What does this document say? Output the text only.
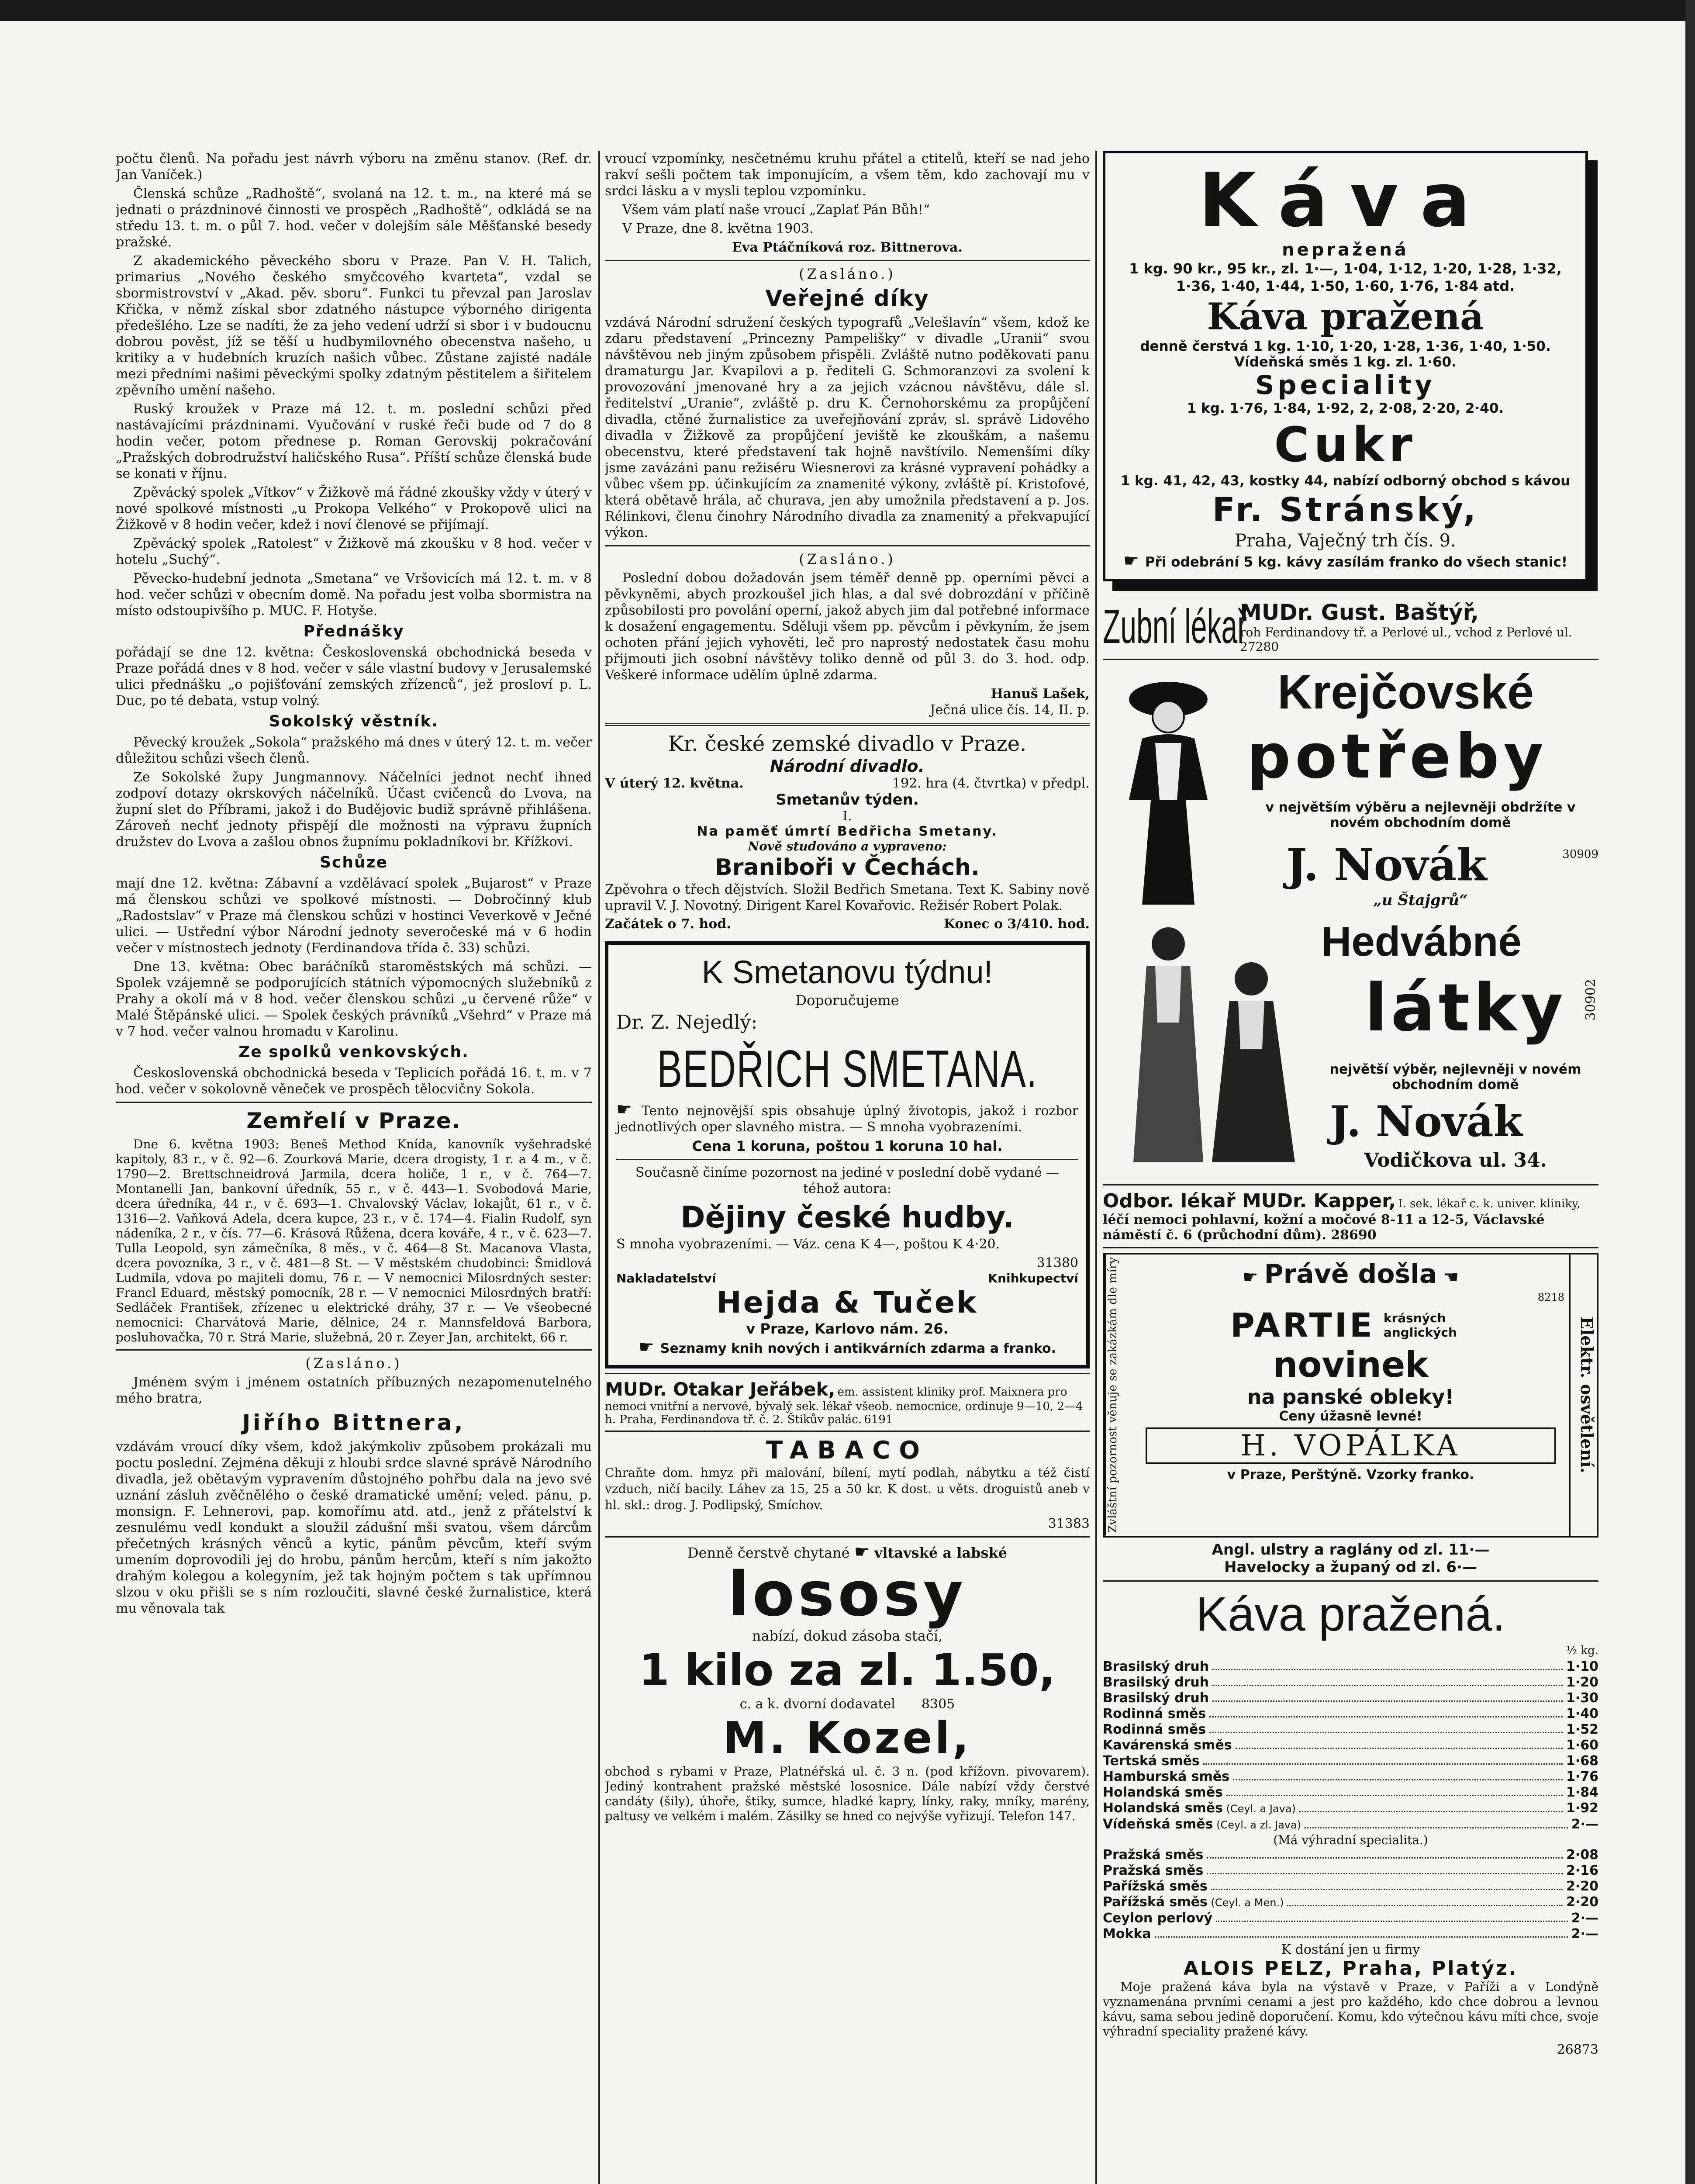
počtu členů. Na pořadu jest návrh výboru na změnu stanov. (Ref. dr. Jan Vaníček.)

Členská schůze „Radhoště“, svolaná na 12. t. m., na které má se jednati o prázdninové činnosti ve prospěch „Radhoště“, odkládá se na středu 13. t. m. o půl 7. hod. večer v dolejším sále Měšťanské besedy pražské.

Z akademického pěveckého sboru v Praze. Pan V. H. Talich, primarius „Nového českého smyčcového kvarteta“, vzdal se sbormistrovství v „Akad. pěv. sboru“. Funkci tu převzal pan Jaroslav Křička, v němž získal sbor zdatného nástupce výborného dirigenta předešlého. Lze se nadíti, že za jeho vedení udrží si sbor i v budoucnu dobrou pověst, jíž se těší u hudbymilovného obecenstva našeho, u kritiky a v hudebních kruzích našich vůbec. Zůstane zajisté nadále mezi předními našimi pěveckými spolky zdatným pěstitelem a šiřitelem zpěvního umění našeho.

Ruský kroužek v Praze má 12. t. m. poslední schůzi před nastávajícími prázdninami. Vyučování v ruské řeči bude od 7 do 8 hodin večer, potom přednese p. Roman Gerovskij pokračování „Pražských dobrodružství haličského Rusa“. Příští schůze členská bude se konati v říjnu.

Zpěvácký spolek „Vítkov“ v Žižkově má řádné zkoušky vždy v úterý v nové spolkové místnosti „u Prokopa Velkého“ v Prokopově ulici na Žižkově v 8 hodin večer, kdež i noví členové se přijímají.

Zpěvácký spolek „Ratolest“ v Žižkově má zkoušku v 8 hod. večer v hotelu „Suchý“.

Pěvecko-hudební jednota „Smetana“ ve Vršovicích má 12. t. m. v 8 hod. večer schůzi v obecním domě. Na pořadu jest volba sbormistra na místo odstoupivšího p. MUC. F. Hotyše.

Přednášky

pořádají se dne 12. května: Československá obchodnická beseda v Praze pořádá dnes v 8 hod. večer v sále vlastní budovy v Jerusalemské ulici přednášku „o pojišťování zemských zřízenců“, jež prosloví p. L. Duc, po té debata, vstup volný.

Sokolský věstník.

Pěvecký kroužek „Sokola“ pražského má dnes v úterý 12. t. m. večer důležitou schůzi všech členů.

Ze Sokolské župy Jungmannovy. Náčelníci jednot nechť ihned zodpoví dotazy okrskových náčelníků. Účast cvičenců do Lvova, na župní slet do Příbrami, jakož i do Budějovic budiž správně přihlášena. Zároveň nechť jednoty přispějí dle možnosti na výpravu župních družstev do Lvova a zašlou obnos župnímu pokladníkovi br. Křížkovi.

Schůze

mají dne 12. května: Zábavní a vzdělávací spolek „Bujarost“ v Praze má členskou schůzi ve spolkové místnosti. — Dobročinný klub „Radostslav“ v Praze má členskou schůzi v hostinci Veverkově v Ječné ulici. — Ustřední výbor Národní jednoty severočeské má v 6 hodin večer v místnostech jednoty (Ferdinandova třída č. 33) schůzi.

Dne 13. května: Obec baráčníků staroměstských má schůzi. — Spolek vzájemně se podporujících státních výpomocných služebníků z Prahy a okolí má v 8 hod. večer členskou schůzi „u červené růže“ v Malé Štěpánské ulici. — Spolek českých právníků „Všehrd“ v Praze má v 7 hod. večer valnou hromadu v Karolinu.

Ze spolků venkovských.

Československá obchodnická beseda v Teplicích pořádá 16. t. m. v 7 hod. večer v sokolovně věneček ve prospěch tělocvičny Sokola.

Zemřelí v Praze.

Dne 6. května 1903: Beneš Method Knída, kanovník vyšehradské kapitoly, 83 r., v č. 92—6. Zourková Marie, dcera drogisty, 1 r. a 4 m., v č. 1790—2. Brettschneidrová Jarmila, dcera holiče, 1 r., v č. 764—7. Montanelli Jan, bankovní úředník, 55 r., v č. 443—1. Svobodová Marie, dcera úředníka, 44 r., v č. 693—1. Chvalovský Václav, lokajůt, 61 r., v č. 1316—2. Vaňková Adela, dcera kupce, 23 r., v č. 174—4. Fialin Rudolf, syn nádeníka, 2 r., v čís. 77—6. Krásová Růžena, dcera kováře, 4 r., v č. 623—7. Tulla Leopold, syn zámečníka, 8 měs., v č. 464—8 St. Macanova Vlasta, dcera povozníka, 3 r., v č. 481—8 St. — V městském chudobinci: Šmidlová Ludmila, vdova po majiteli domu, 76 r. — V nemocnici Milosrdných sester: Francl Eduard, městský pomocník, 28 r. — V nemocnici Milosrdných bratří: Sedláček František, zřízenec u elektrické dráhy, 37 r. — Ve všeobecné nemocnici: Charvátová Marie, dělnice, 24 r. Mannsfeldová Barbora, posluhovačka, 70 r. Strá Marie, služebná, 20 r. Zeyer Jan, architekt, 66 r.

(Zasláno.)

Jménem svým i jménem ostatních příbuzných nezapomenutelného mého bratra,

Jiřího Bittnera,

vzdávám vroucí díky všem, kdož jakýmkoliv způsobem prokázali mu poctu poslední. Zejména děkuji z hloubi srdce slavné správě Národního divadla, jež obětavým vypravením důstojného pohřbu dala na jevo své uznání zásluh zvěčnělého o české dramatické umění; veled. pánu, p. monsign. F. Lehnerovi, pap. komořímu atd. atd., jenž z přátelství k zesnulému vedl kondukt a sloužil zádušní mši svatou, všem dárcům přečetných krásných věnců a kytic, pánům pěvcům, kteří svým umením doprovodili jej do hrobu, pánům hercům, kteří s ním jakožto drahým kolegou a kolegyním, jež tak hojným počtem s tak upřímnou slzou v oku přišli se s ním rozloučiti, slavné české žurnalistice, která mu věnovala tak

vroucí vzpomínky, nesčetnému kruhu přátel a ctitelů, kteří se nad jeho rakví sešli počtem tak imponujícím, a všem těm, kdo zachovají mu v srdci lásku a v mysli teplou vzpomínku.

Všem vám platí naše vroucí „Zaplať Pán Bůh!“

V Praze, dne 8. května 1903.

Eva Ptáčníková roz. Bittnerova.

(Zasláno.)
Veřejné díky

vzdává Národní sdružení českých typografů „Velešlavín“ všem, kdož ke zdaru představení „Princezny Pampelišky“ v divadle „Uranii“ svou návštěvou neb jiným způsobem přispěli. Zvláště nutno poděkovati panu dramaturgu Jar. Kvapilovi a p. řediteli G. Schmoranzovi za svolení k provozování jmenované hry a za jejich vzácnou návštěvu, dále sl. ředitelství „Uranie“, zvláště p. dru K. Černohorskému za propůjčení divadla, ctěné žurnalistice za uveřejňování zpráv, sl. správě Lidového divadla v Žižkově za propůjčení jeviště ke zkouškám, a našemu obecenstvu, které představení tak hojně navštívilo. Nemenšími díky jsme zavázáni panu režiséru Wiesnerovi za krásné vypravení pohádky a vůbec všem pp. účinkujícím za znamenité výkony, zvláště pí. Kristofové, která obětavě hrála, ač churava, jen aby umožnila představení a p. Jos. Rélinkovi, členu činohry Národního divadla za znamenitý a překvapující výkon.

(Zasláno.)

Poslední dobou dožadován jsem téměř denně pp. operními pěvci a pěvkyněmi, abych prozkoušel jich hlas, a dal své dobrozdání v příčině způsobilosti pro povolání operní, jakož abych jim dal potřebné informace k dosažení engagementu. Sděluji všem pp. pěvcům i pěvkyním, že jsem ochoten přání jejich vyhověti, leč pro naprostý nedostatek času mohu přijmouti jich osobní návštěvy toliko denně od půl 3. do 3. hod. odp. Veškeré informace udělím úplně zdarma.

Hanuš Lašek,

Ječná ulice čís. 14, II. p.

Kr. české zemské divadlo v Praze.
Národní divadlo.
V úterý 12. května.	192. hra (4. čtvrtka) v předpl.
Smetanův týden.
I.
Na paměť úmrtí Bedřicha Smetany.
Nově studováno a vypraveno:
Braniboři v Čechách.

Zpěvohra o třech dějstvích. Složil Bedřich Smetana. Text K. Sabiny nově upravil V. J. Novotný. Dirigent Karel Kovařovic. Režisér Robert Polak.

Začátek o 7. hod.	Konec o 3/410. hod.
K Smetanovu týdnu!
Doporučujeme
Dr. Z. Nejedlý:
BEDŘICH SMETANA.

☛ Tento nejnovější spis obsahuje úplný životopis, jakož i rozbor jednotlivých oper slavného mistra. — S mnoha vyobrazeními.

Cena 1 koruna, poštou 1 koruna 10 hal.

Současně činíme pozornost na jediné v poslední době vydané — téhož autora:

Dějiny české hudby.

S mnoha vyobrazeními. — Váz. cena K 4—, poštou K 4·20.

31380
Nakladatelství	Knihkupectví
Hejda & Tuček
v Praze, Karlovo nám. 26.
☛ Seznamy knih nových i antikvárních zdarma a franko.
MUDr. Otakar Jeřábek, em. assistent kliniky prof. Maixnera pro nemoci vnitřní a nervové, bývalý sek. lékař všeob. nemocnice, ordinuje 9—10, 2—4 h. Praha, Ferdinandova tř. č. 2. Štikův palác. 6191
TABACO

Chraňte dom. hmyz při malování, bílení, mytí podlah, nábytku a též čistí vzduch, ničí bacily. Láhev za 15, 25 a 50 kr. K dost. u věts. droguistů aneb v hl. skl.: drog. J. Podlipský, Smíchov.

31383
Denně čerstvě chytané ☛ vltavské a labské
lososy
nabízí, dokud zásoba stačí,
1 kilo za zl. 1.50,
c. a k. dvorní dodavatel 8305
M. Kozel,

obchod s rybami v Praze, Platnéřská ul. č. 3 n. (pod křížovn. pivovarem). Jediný kontrahent pražské městské lososnice. Dále nabízí vždy čerstvé candáty (šily), úhoře, štiky, sumce, hladké kapry, línky, raky, mníky, marény, paltusy ve velkém i malém. Zásilky se hned co nejvýše vyřizují. Telefon 147.

Káva
nepražená
1 kg. 90 kr., 95 kr., zl. 1·—, 1·04, 1·12, 1·20, 1·28, 1·32, 1·36, 1·40, 1·44, 1·50, 1·60, 1·76, 1·84 atd.
Káva pražená
denně čerstvá 1 kg. 1·10, 1·20, 1·28, 1·36, 1·40, 1·50.
Vídeňská směs 1 kg. zl. 1·60.
Speciality
1 kg. 1·76, 1·84, 1·92, 2, 2·08, 2·20, 2·40.
Cukr
1 kg. 41, 42, 43, kostky 44, nabízí odborný obchod s kávou
Fr. Stránský,
Praha, Vaječný trh čís. 9.
☛ Při odebrání 5 kg. kávy zasílám franko do všech stanic!
Zubní lékař
MUDr. Gust. Baštýř,
roh Ferdinandovy tř. a Perlové ul., vchod z Perlové ul. 27280
Krejčovské
potřeby
v největším výběru a nejlevněji obdržíte v novém obchodním domě
J. Novák	30909
„u Štajgrů“
Hedvábné
látky 30902
největší výběr, nejlevněji v novém obchodním domě
J. Novák
Vodičkova ul. 34.
Odbor. lékař MUDr. Kapper, I. sek. lékař c. k. univer. kliniky,
léčí nemoci pohlavní, kožní a močové 8-11 a 12-5, Václavské náměstí č. 6 (průchodní dům). 28690
Zvláštní pozornost věnuje se zakázkám dle míry	☛ Právě došla ☚
8218
PARTIE krásných anglických
novinek
na panské obleky!
Ceny úžasně levné!
H. VOPÁLKA
v Praze, Perštýně. Vzorky franko.
Elektr. osvětlení.
Angl. ulstry a raglány od zl. 11·—
Havelocky a županý od zl. 6·—
Káva pražená.
½ kg.
Brasilský druh	1·10
Brasilský druh	1·20
Brasilský druh	1·30
Rodinná směs	1·40
Rodinná směs	1·52
Kavárenská směs	1·60
Tertská směs	1·68
Hamburská směs	1·76
Holandská směs	1·84
Holandská směs (Ceyl. a Java)	1·92
Vídeňská směs (Ceyl. a zl. Java)	2·—
(Má výhradní specialita.)
Pražská směs	2·08
Pražská směs	2·16
Pařížská směs	2·20
Pařížská směs (Ceyl. a Men.)	2·20
Ceylon perlový	2·—
Mokka	2·—
K dostání jen u firmy
ALOIS PELZ, Praha, Platýz.

Moje pražená káva byla na výstavě v Praze, v Paříži a v Londýně vyznamenána prvními cenami a jest pro každého, kdo chce dobrou a levnou kávu, sama sebou jedině doporučení. Komu, kdo výtečnou kávu míti chce, svoje výhradní speciality pražené kávy.

26873
